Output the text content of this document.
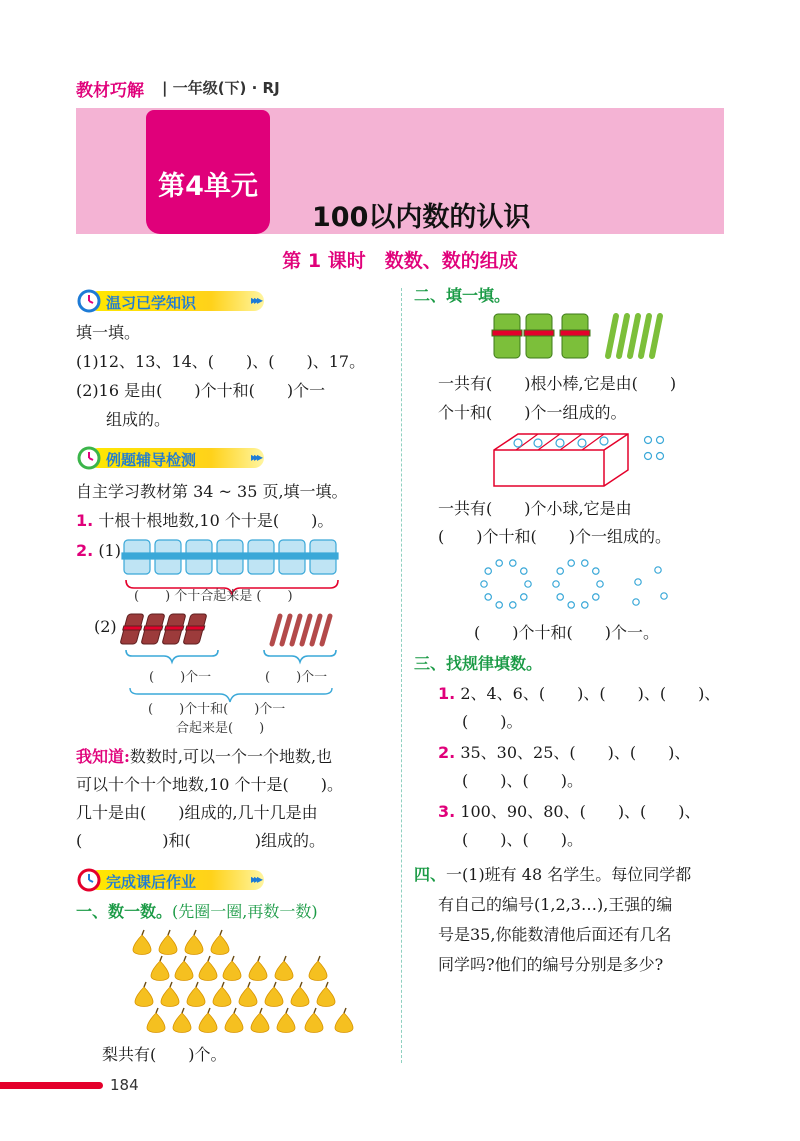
教材巧解 | 一年级(下) · RJ
第4单元
100以内数的认识
第 1 课时　数数、数的组成
温习已学知识	▸▸▸
填一填。
(1)12、13、14、(　　)、(　　)、17。
(2)16 是由(　　)个十和(　　)个一
组成的。
例题辅导检测	▸▸▸
自主学习教材第 34 ~ 35 页,填一填。
1. 十根十根地数,10 个十是(　　)。
2. (1)
(　　) 个十合起来是 (　　)
(2)
(　　)个一	(　　)个一
(　　)个十和(　　)个一
合起来是(　　)
我知道:数数时,可以一个一个地数,也
可以十个十个地数,10 个十是(　　)。
几十是由(　　)组成的,几十几是由
(　　　　　)和(　　　　)组成的。
完成课后作业	▸▸▸
一、数一数。(先圈一圈,再数一数)
梨共有(　　)个。
二、填一填。
一共有(　　)根小棒,它是由(　　)
个十和(　　)个一组成的。
一共有(　　)个小球,它是由
(　　)个十和(　　)个一组成的。
(　　)个十和(　　)个一。
三、找规律填数。
1. 2、4、6、(　　)、(　　)、(　　)、
(　　)。
2. 35、30、25、(　　)、(　　)、
(　　)、(　　)。
3. 100、90、80、(　　)、(　　)、
(　　)、(　　)。
四、一(1)班有 48 名学生。每位同学都
有自己的编号(1,2,3…),王强的编
号是35,你能数清他后面还有几名
同学吗?他们的编号分别是多少?
184
